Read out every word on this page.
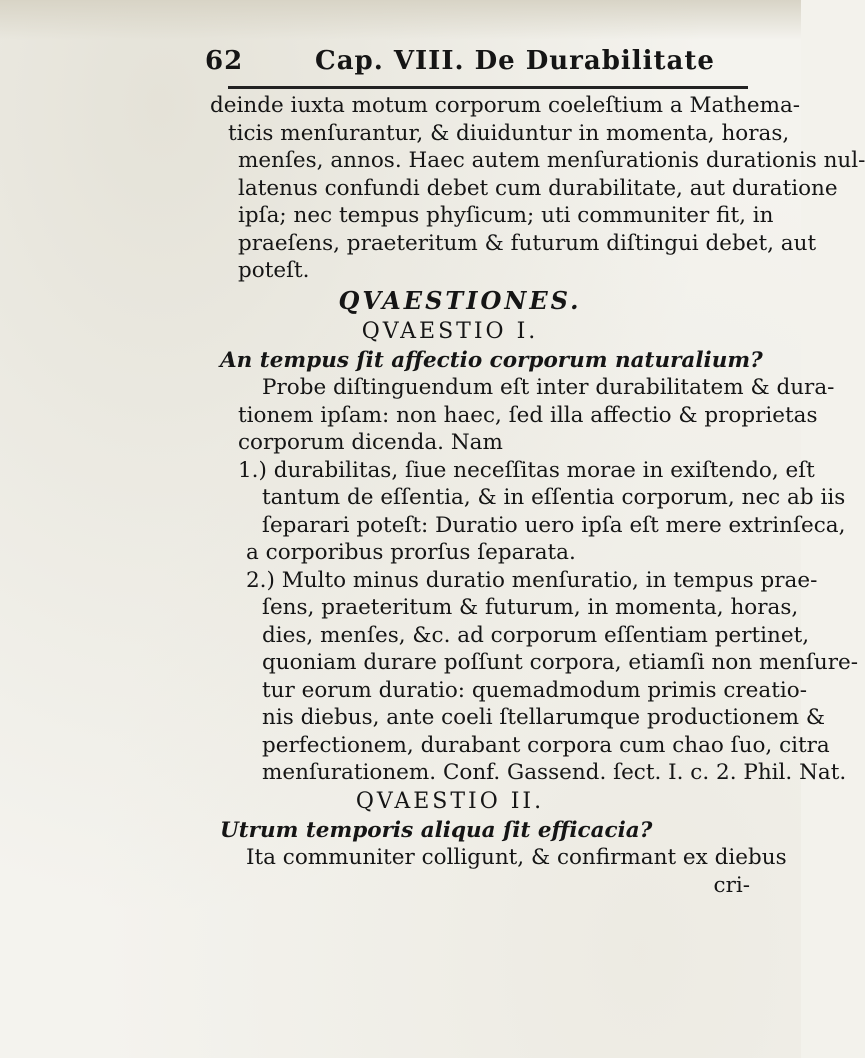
62	Cap. VIII. De Durabilitate
deinde iuxta motum corporum coeleſtium a Mathema-
ticis menſurantur, & diuiduntur in momenta, horas,
menſes, annos. Haec autem menſurationis durationis nul-
latenus confundi debet cum durabilitate, aut duratione
ipſa; nec tempus phyſicum; uti communiter fit, in
praeſens, praeteritum & futurum diſtingui debet, aut
poteſt.
QVAESTIONES.
QVAESTIO I.
An tempus ſit affectio corporum naturalium?
Probe diſtinguendum eſt inter durabilitatem & dura-
tionem ipſam: non haec, ſed illa affectio & proprietas
corporum dicenda. Nam
1.) durabilitas, ſiue neceſſitas morae in exiſtendo, eſt
tantum de eſſentia, & in eſſentia corporum, nec ab iis
ſeparari poteſt: Duratio uero ipſa eſt mere extrinſeca,
a corporibus prorſus ſeparata.
2.) Multo minus duratio menſuratio, in tempus prae-
ſens, praeteritum & futurum, in momenta, horas,
dies, menſes, &c. ad corporum eſſentiam pertinet,
quoniam durare poſſunt corpora, etiamſi non menſure-
tur eorum duratio: quemadmodum primis creatio-
nis diebus, ante coeli ſtellarumque productionem &
perfectionem, durabant corpora cum chao ſuo, citra
menſurationem. Conf. Gassend. ſect. I. c. 2. Phil. Nat.
QVAESTIO II.
Utrum temporis aliqua ſit efficacia?
Ita communiter colligunt, & confirmant ex diebus
cri-
